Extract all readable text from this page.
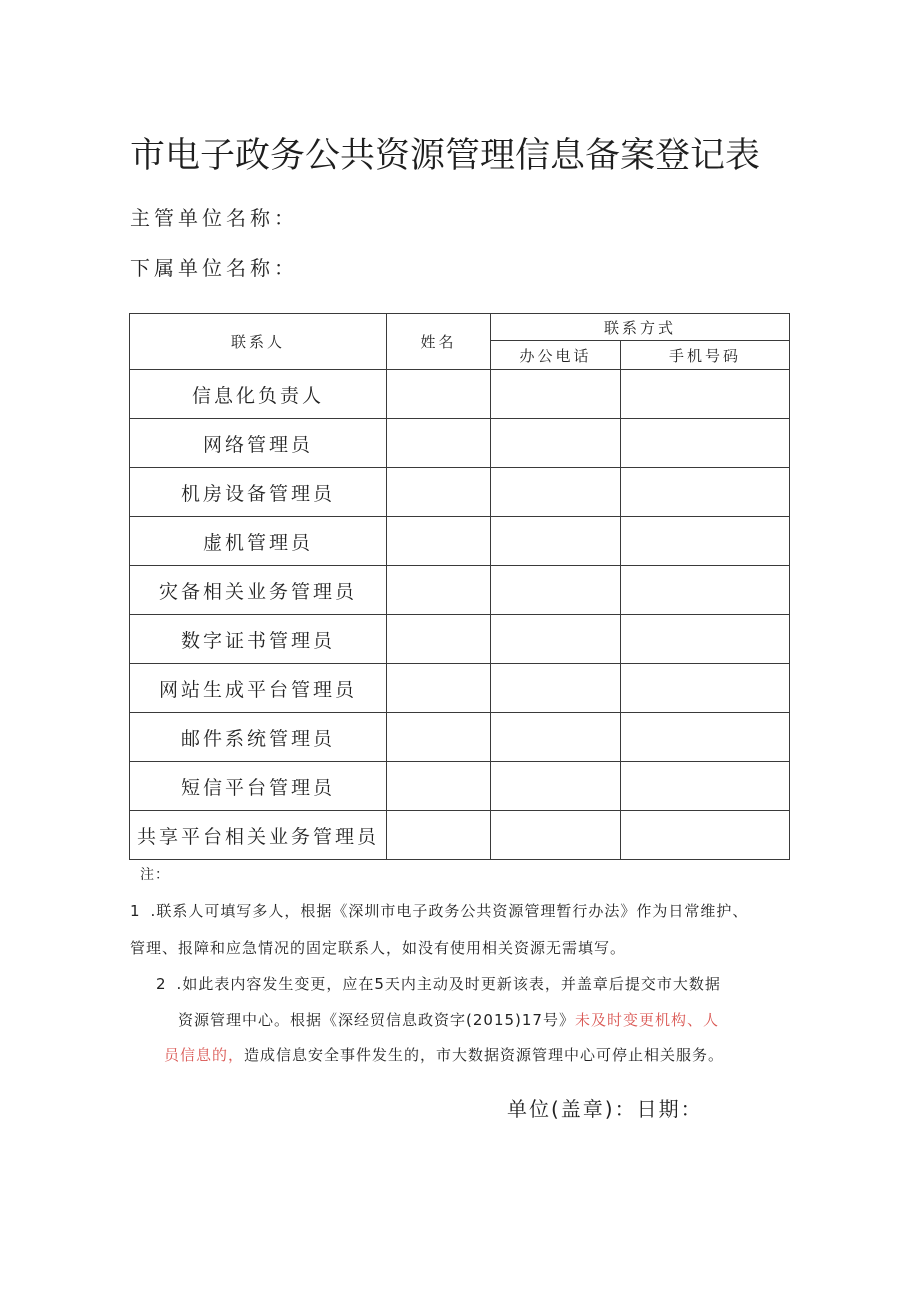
市电子政务公共资源管理信息备案登记表
主管单位名称：
下属单位名称：
联系人	姓名	联系方式	
		办公电话	手机号码
信息化负责人			
网络管理员			
机房设备管理员			
虚机管理员			
灾备相关业务管理员			
数字证书管理员			
网站生成平台管理员			
邮件系统管理员			
短信平台管理员			
共享平台相关业务管理员			
注：
1 .联系人可填写多人，根据《深圳市电子政务公共资源管理暂行办法》作为日常维护、
管理、报障和应急情况的固定联系人，如没有使用相关资源无需填写。
2 .如此表内容发生变更，应在5天内主动及时更新该表，并盖章后提交市大数据
资源管理中心。根据《深经贸信息政资字(2015)17号》未及时变更机构、人
员信息的，造成信息安全事件发生的，市大数据资源管理中心可停止相关服务。
单位(盖章)：日期：
